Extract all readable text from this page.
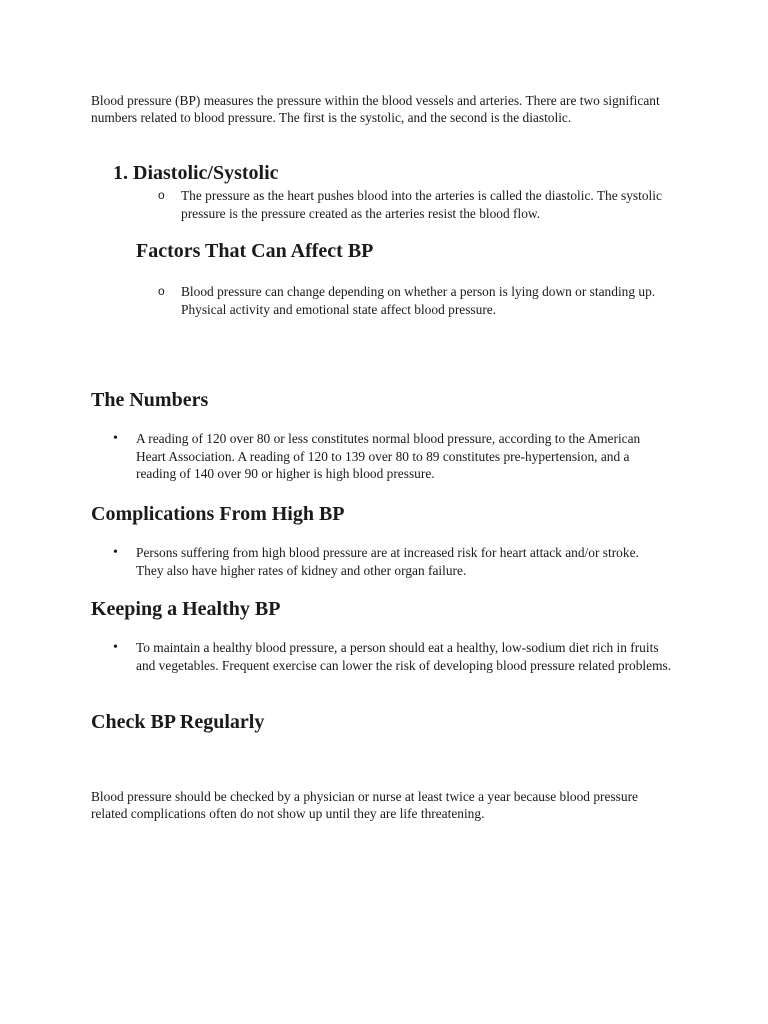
Blood pressure (BP) measures the pressure within the blood vessels and arteries. There are two significant numbers related to blood pressure. The first is the systolic, and the second is the diastolic.

1. Diastolic/Systolic
o The pressure as the heart pushes blood into the arteries is called the diastolic. The systolic pressure is the pressure created as the arteries resist the blood flow.
Factors That Can Affect BP
o Blood pressure can change depending on whether a person is lying down or standing up. Physical activity and emotional state affect blood pressure.
The Numbers
• A reading of 120 over 80 or less constitutes normal blood pressure, according to the American Heart Association. A reading of 120 to 139 over 80 to 89 constitutes pre-hypertension, and a reading of 140 over 90 or higher is high blood pressure.
Complications From High BP
• Persons suffering from high blood pressure are at increased risk for heart attack and/or stroke. They also have higher rates of kidney and other organ failure.
Keeping a Healthy BP
• To maintain a healthy blood pressure, a person should eat a healthy, low-sodium diet rich in fruits and vegetables. Frequent exercise can lower the risk of developing blood pressure related problems.
Check BP Regularly

Blood pressure should be checked by a physician or nurse at least twice a year because blood pressure related complications often do not show up until they are life threatening.
